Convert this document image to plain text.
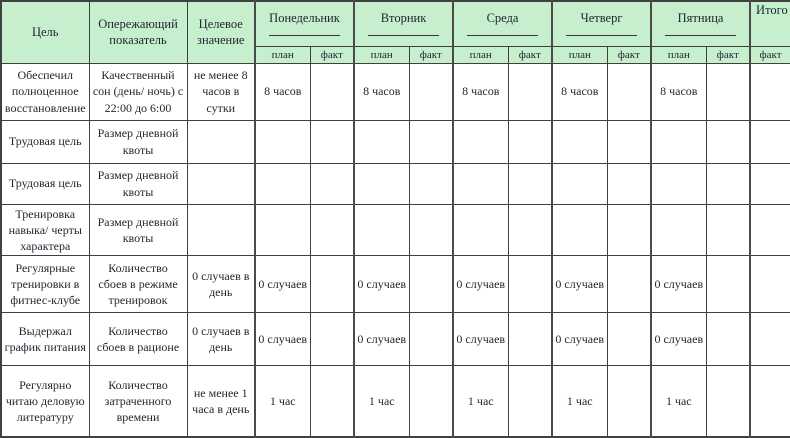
Цель	Опережающий показатель	Целевое значение	Понедельник		Вторник		Среда		Четверг		Пятница		Итого
			план	факт	план	факт	план	факт	план	факт	план	факт	факт
Обеспечил полноценное восстановление	Качественный сон (день/ ночь) с 22:00 до 6:00	не менее 8 часов в сутки	8 часов		8 часов		8 часов		8 часов		8 часов		
Трудовая цель	Размер дневной квоты												
Трудовая цель	Размер дневной квоты												
Тренировка навыка/ черты характера	Размер дневной квоты												
Регулярные тренировки в фитнес-клубе	Количество сбоев в режиме тренировок	0 случаев в день	0 случаев		0 случаев		0 случаев		0 случаев		0 случаев		
Выдержал график питания	Количество сбоев в рационе	0 случаев в день	0 случаев		0 случаев		0 случаев		0 случаев		0 случаев		
Регулярно читаю деловую литературу	Количество затраченного времени	не менее 1 часа в день	1 час		1 час		1 час		1 час		1 час		
